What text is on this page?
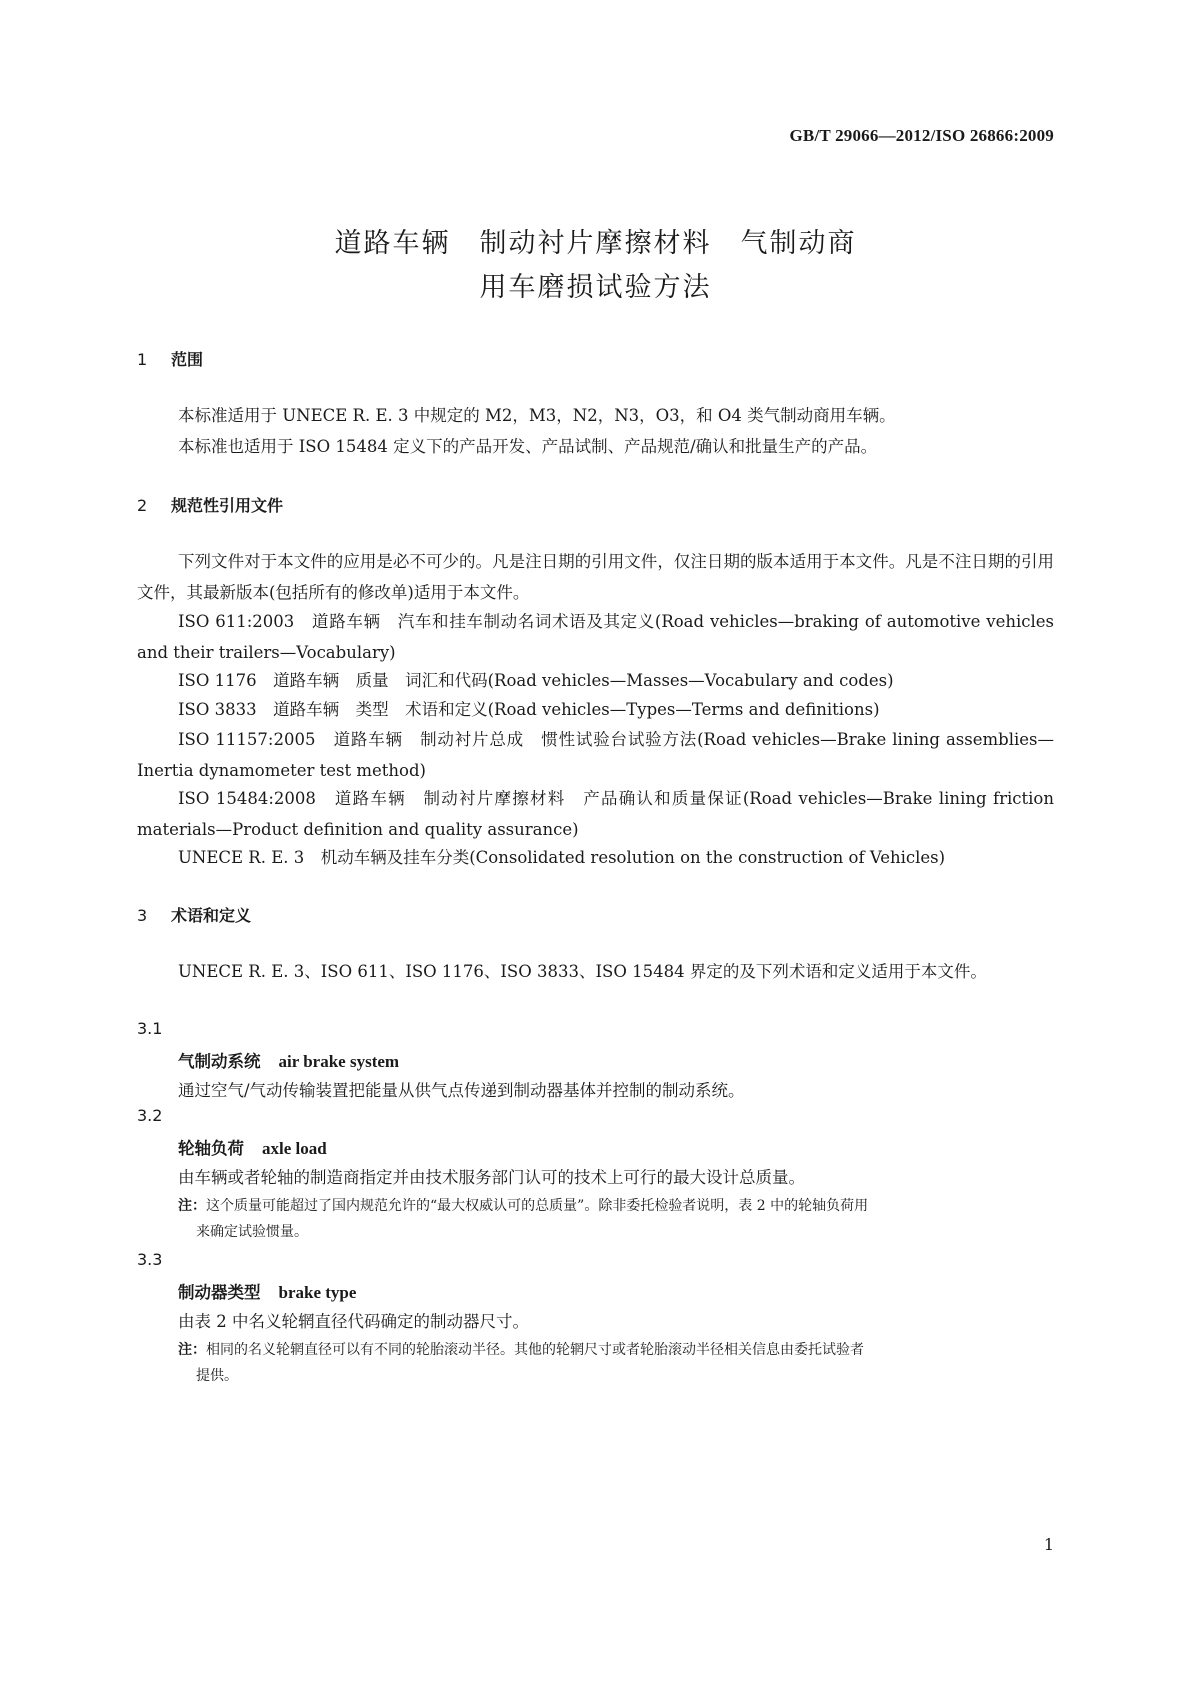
GB/T 29066—2012/ISO 26866:2009
道路车辆　制动衬片摩擦材料　气制动商
用车磨损试验方法
1 范围
本标准适用于 UNECE R. E. 3 中规定的 M2，M3，N2，N3，O3，和 O4 类气制动商用车辆。
本标准也适用于 ISO 15484 定义下的产品开发、产品试制、产品规范/确认和批量生产的产品。
2 规范性引用文件
下列文件对于本文件的应用是必不可少的。凡是注日期的引用文件，仅注日期的版本适用于本文件。凡是不注日期的引用文件，其最新版本(包括所有的修改单)适用于本文件。
ISO 611:2003　道路车辆　汽车和挂车制动名词术语及其定义(Road vehicles—braking of automotive vehicles and their trailers—Vocabulary)
ISO 1176　道路车辆　质量　词汇和代码(Road vehicles—Masses—Vocabulary and codes)
ISO 3833　道路车辆　类型　术语和定义(Road vehicles—Types—Terms and definitions)
ISO 11157:2005　道路车辆　制动衬片总成　惯性试验台试验方法(Road vehicles—Brake lining assemblies—Inertia dynamometer test method)
ISO 15484:2008　道路车辆　制动衬片摩擦材料　产品确认和质量保证(Road vehicles—Brake lining friction materials—Product definition and quality assurance)
UNECE R. E. 3　机动车辆及挂车分类(Consolidated resolution on the construction of Vehicles)
3 术语和定义
UNECE R. E. 3、ISO 611、ISO 1176、ISO 3833、ISO 15484 界定的及下列术语和定义适用于本文件。
3.1
气制动系统 air brake system
通过空气/气动传输装置把能量从供气点传递到制动器基体并控制的制动系统。
3.2
轮轴负荷 axle load
由车辆或者轮轴的制造商指定并由技术服务部门认可的技术上可行的最大设计总质量。
注：这个质量可能超过了国内规范允许的“最大权威认可的总质量”。除非委托检验者说明，表 2 中的轮轴负荷用
来确定试验惯量。
3.3
制动器类型 brake type
由表 2 中名义轮辋直径代码确定的制动器尺寸。
注：相同的名义轮辋直径可以有不同的轮胎滚动半径。其他的轮辋尺寸或者轮胎滚动半径相关信息由委托试验者
提供。
1
